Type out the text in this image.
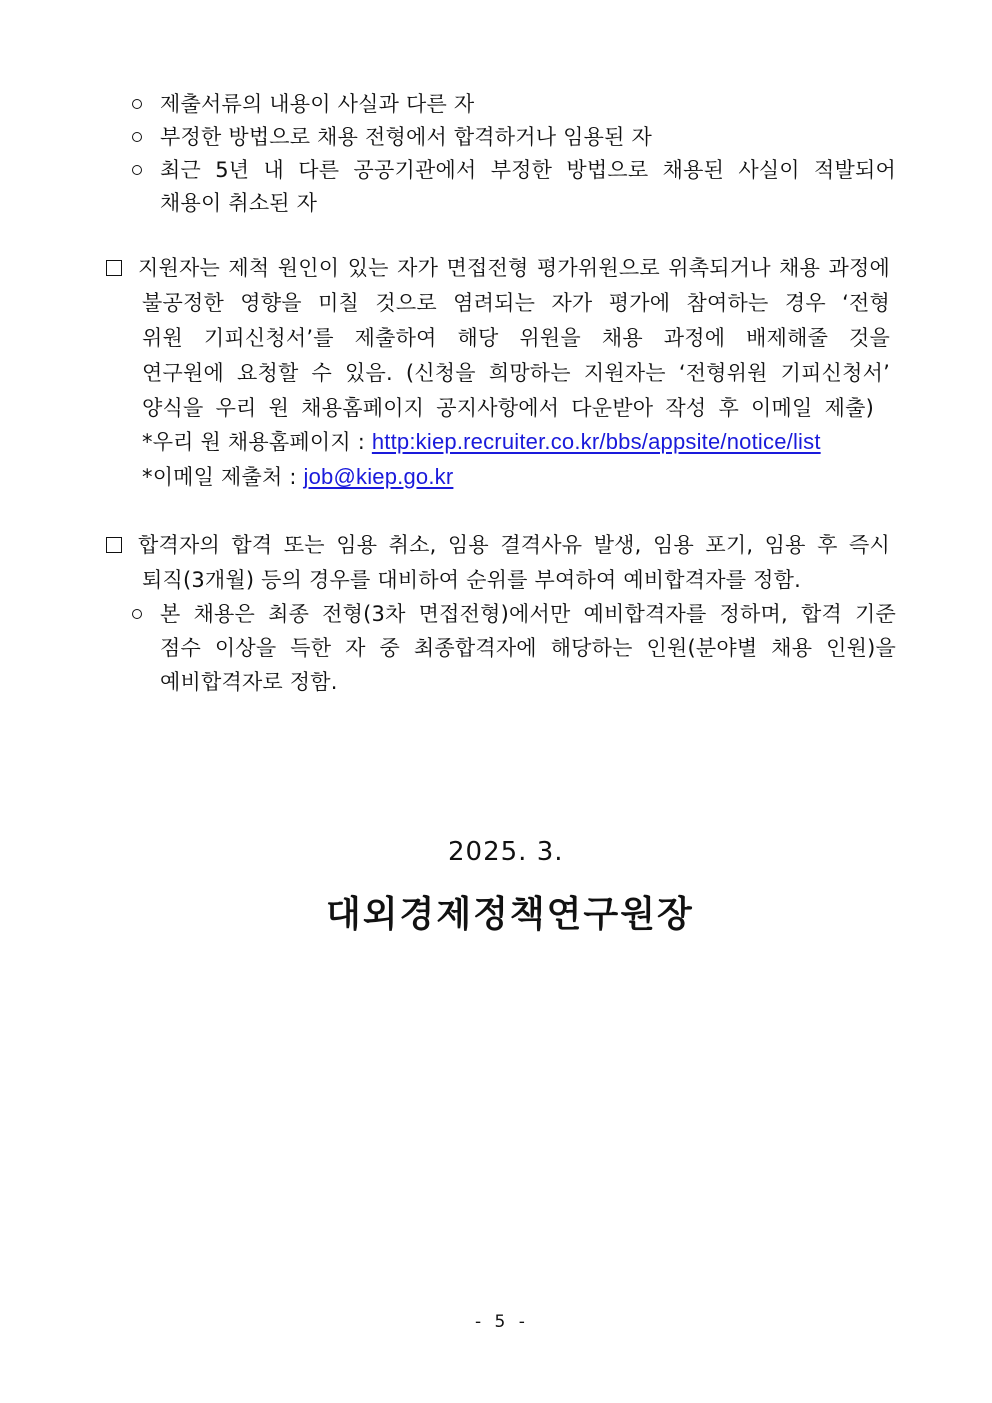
제출서류의 내용이 사실과 다른 자
부정한 방법으로 채용 전형에서 합격하거나 임용된 자
최근 5년 내 다른 공공기관에서 부정한 방법으로 채용된 사실이 적발되어
채용이 취소된 자
지원자는 제척 원인이 있는 자가 면접전형 평가위원으로 위촉되거나 채용 과정에
불공정한 영향을 미칠 것으로 염려되는 자가 평가에 참여하는 경우 ‘전형
위원 기피신청서’를 제출하여 해당 위원을 채용 과정에 배제해줄 것을
연구원에 요청할 수 있음. (신청을 희망하는 지원자는 ‘전형위원 기피신청서’
양식을 우리 원 채용홈페이지 공지사항에서 다운받아 작성 후 이메일 제출)
*우리 원 채용홈페이지 : http:kiep.recruiter.co.kr/bbs/appsite/notice/list
*이메일 제출처 : job@kiep.go.kr
합격자의 합격 또는 임용 취소, 임용 결격사유 발생, 임용 포기, 임용 후 즉시
퇴직(3개월) 등의 경우를 대비하여 순위를 부여하여 예비합격자를 정함.
본 채용은 최종 전형(3차 면접전형)에서만 예비합격자를 정하며, 합격 기준
점수 이상을 득한 자 중 최종합격자에 해당하는 인원(분야별 채용 인원)을
예비합격자로 정함.
2025. 3.
대외경제정책연구원장
- 5 -
